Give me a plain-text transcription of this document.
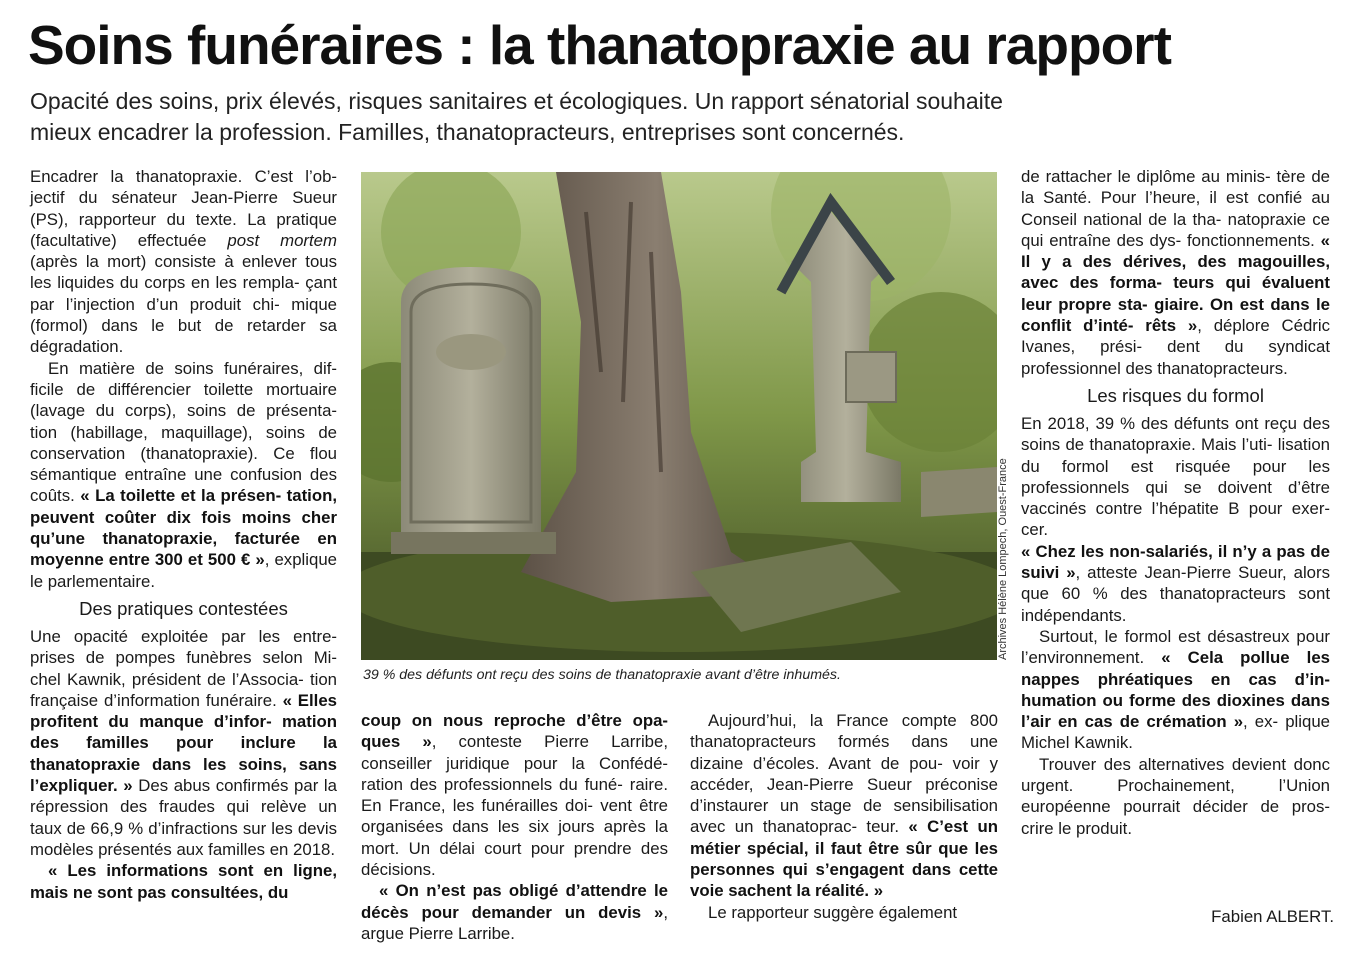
Soins funéraires : la thanatopraxie au rapport
Opacité des soins, prix élevés, risques sanitaires et écologiques. Un rapport sénatorial souhaite
mieux encadrer la profession. Familles, thanatopracteurs, entreprises sont concernés.

Encadrer la thanatopraxie. C’est l’ob- jectif du sénateur Jean-Pierre Sueur (PS), rapporteur du texte. La pratique (facultative) effectuée post mortem (après la mort) consiste à enlever tous les liquides du corps en les rempla- çant par l’injection d’un produit chi- mique (formol) dans le but de retarder sa dégradation.

En matière de soins funéraires, dif- ficile de différencier toilette mortuaire (lavage du corps), soins de présenta- tion (habillage, maquillage), soins de conservation (thanatopraxie). Ce flou sémantique entraîne une confusion des coûts. « La toilette et la présen- tation, peuvent coûter dix fois moins cher qu’une thanatopraxie, facturée en moyenne entre 300 et 500 € », explique le parlementaire.

Des pratiques contestées

Une opacité exploitée par les entre- prises de pompes funèbres selon Mi- chel Kawnik, président de l’Associa- tion française d’information funéraire. « Elles profitent du manque d’infor- mation des familles pour inclure la thanatopraxie dans les soins, sans l’expliquer. » Des abus confirmés par la répression des fraudes qui relève un taux de 66,9 % d’infractions sur les devis modèles présentés aux familles en 2018.

« Les informations sont en ligne, mais ne sont pas consultées, du

Archives Hélène Lompech, Ouest-France
39 % des défunts ont reçu des soins de thanatopraxie avant d’être inhumés.

coup on nous reproche d’être opa- ques », conteste Pierre Larribe, conseiller juridique pour la Confédé- ration des professionnels du funé- raire. En France, les funérailles doi- vent être organisées dans les six jours après la mort. Un délai court pour prendre des décisions.

« On n’est pas obligé d’attendre le décès pour demander un devis », argue Pierre Larribe.

Aujourd’hui, la France compte 800 thanatopracteurs formés dans une dizaine d’écoles. Avant de pou- voir y accéder, Jean-Pierre Sueur préconise d’instaurer un stage de sensibilisation avec un thanatoprac- teur. « C’est un métier spécial, il faut être sûr que les personnes qui s’engagent dans cette voie sachent la réalité. »

Le rapporteur suggère également

de rattacher le diplôme au minis- tère de la Santé. Pour l’heure, il est confié au Conseil national de la tha- natopraxie ce qui entraîne des dys- fonctionnements. « Il y a des dérives, des magouilles, avec des forma- teurs qui évaluent leur propre sta- giaire. On est dans le conflit d’inté- rêts », déplore Cédric Ivanes, prési- dent du syndicat professionnel des thanatopracteurs.

Les risques du formol

En 2018, 39 % des défunts ont reçu des soins de thanatopraxie. Mais l’uti- lisation du formol est risquée pour les professionnels qui se doivent d’être vaccinés contre l’hépatite B pour exer- cer.

« Chez les non-salariés, il n’y a pas de suivi », atteste Jean-Pierre Sueur, alors que 60 % des thanatopracteurs sont indépendants.

Surtout, le formol est désastreux pour l’environnement. « Cela pollue les nappes phréatiques en cas d’in- humation ou forme des dioxines dans l’air en cas de crémation », ex- plique Michel Kawnik.

Trouver des alternatives devient donc urgent. Prochainement, l’Union européenne pourrait décider de pros- crire le produit.

Fabien ALBERT.
